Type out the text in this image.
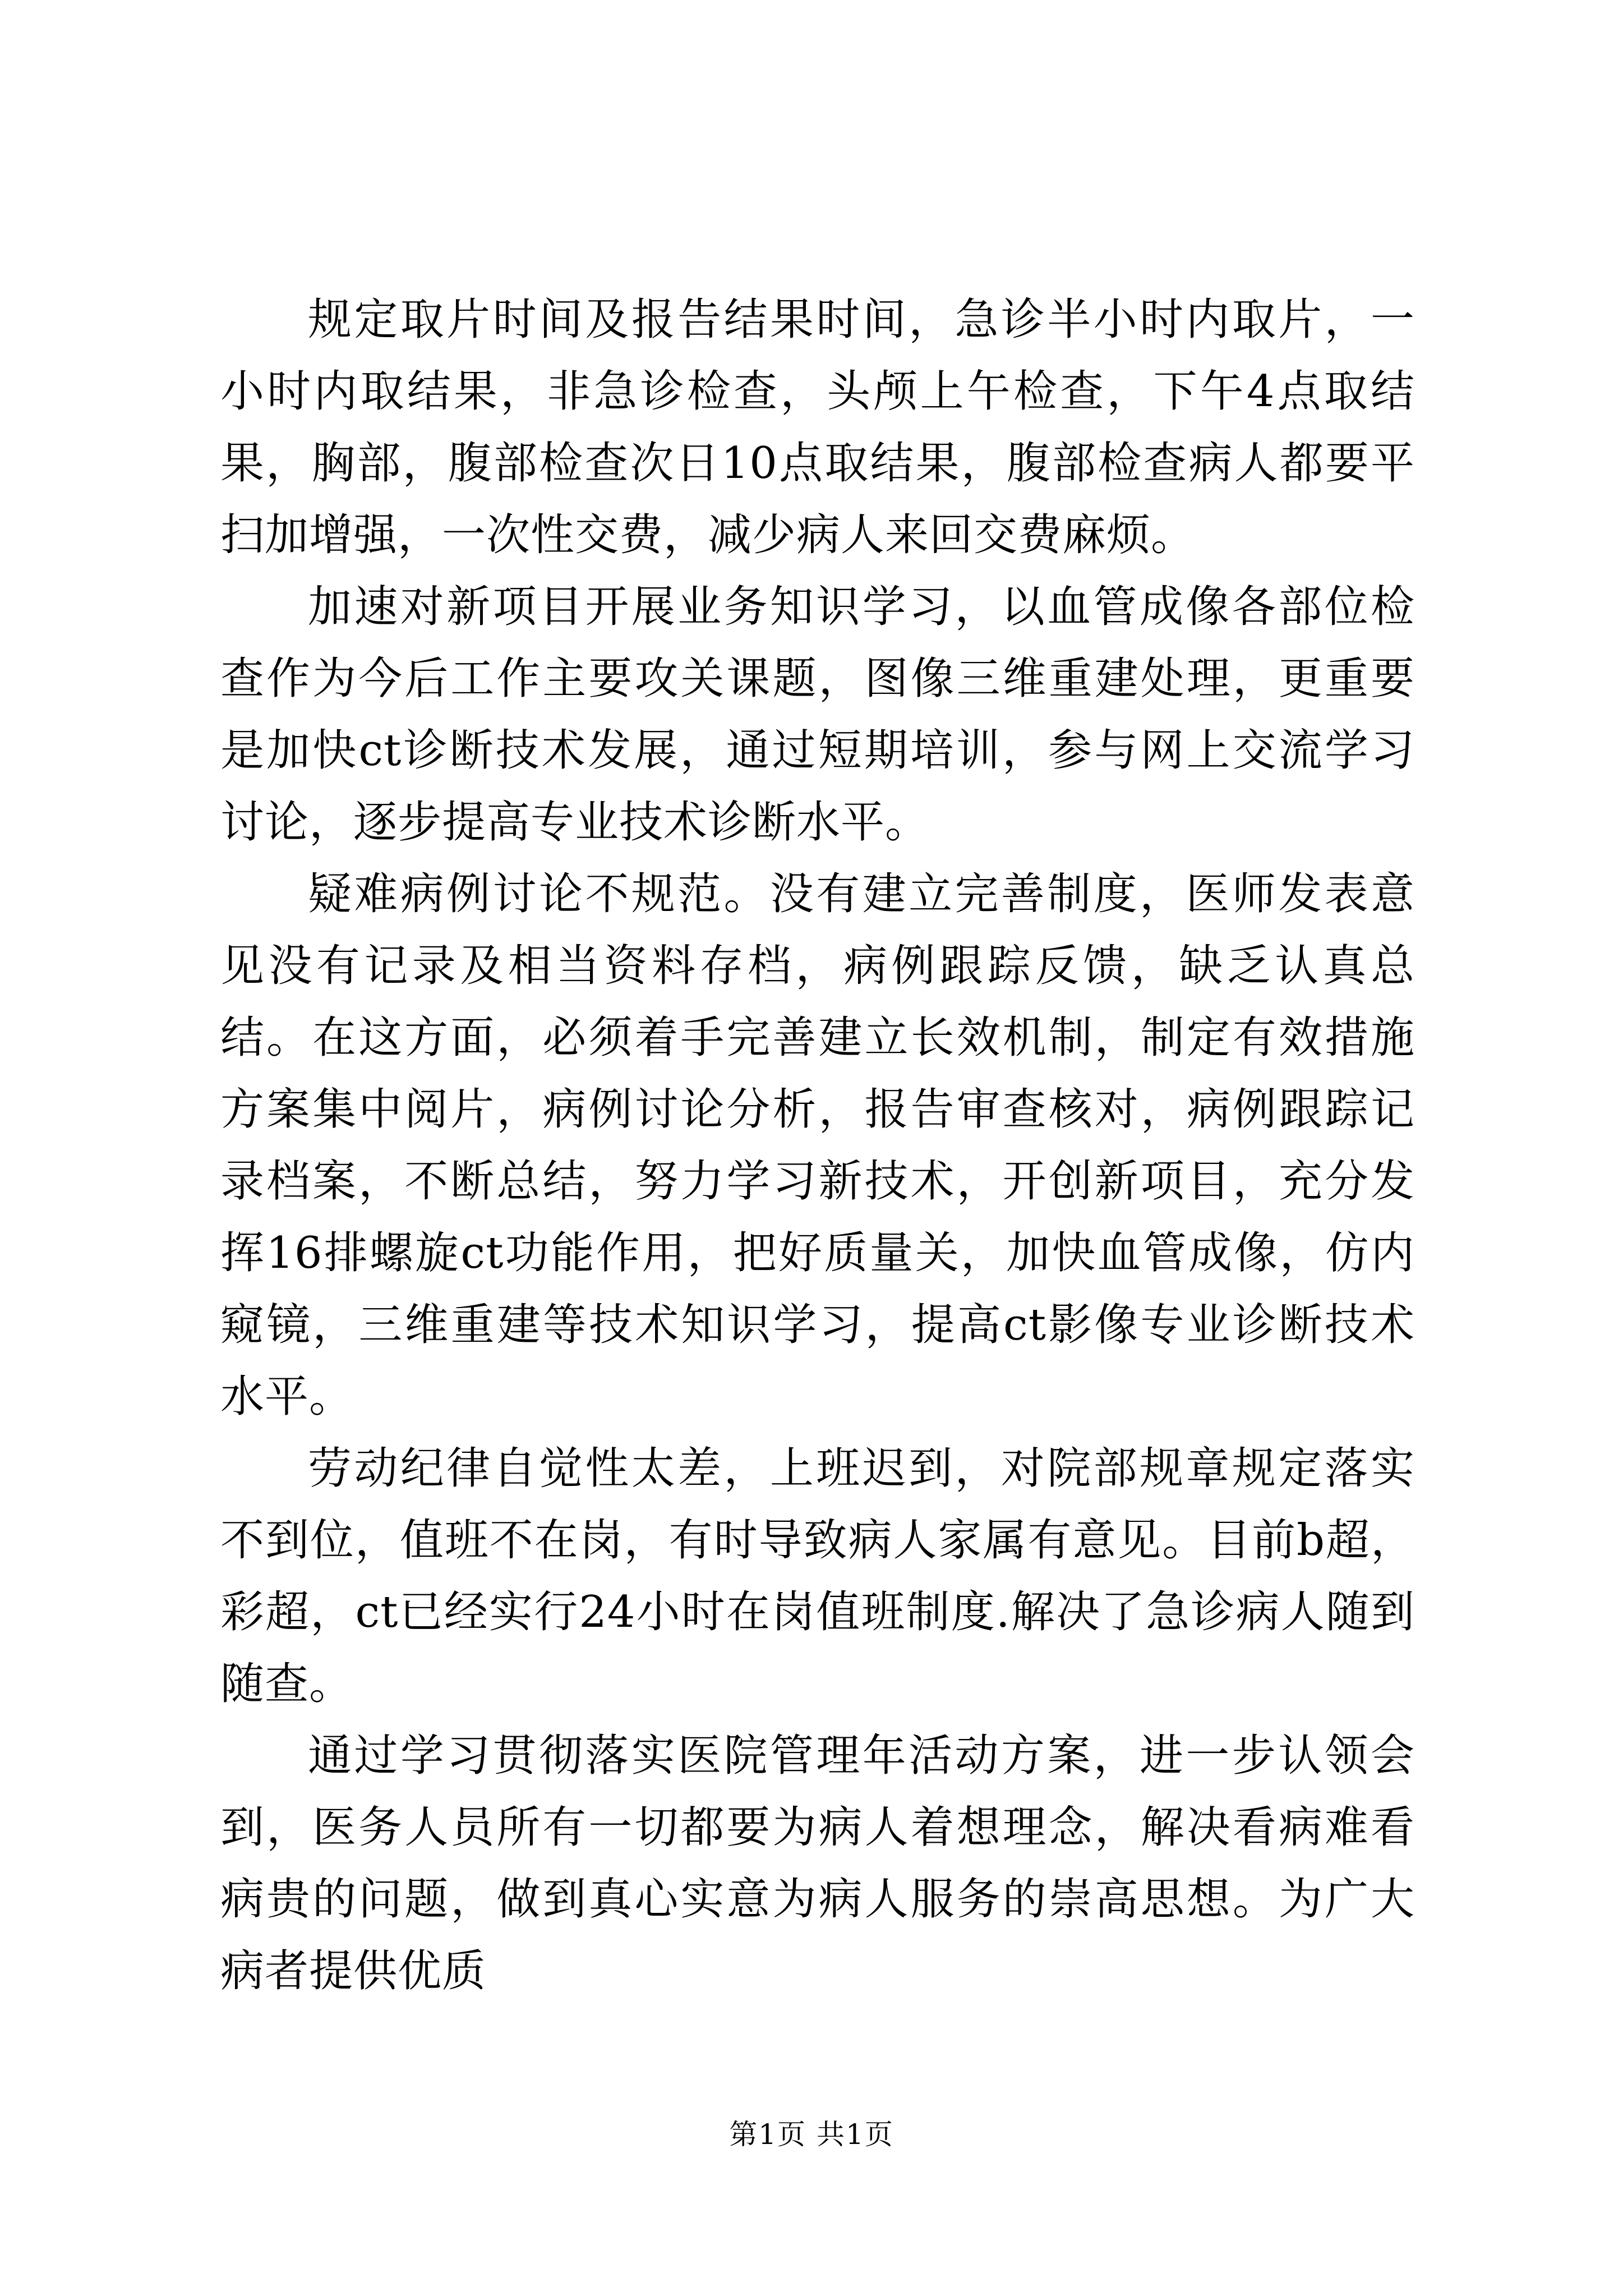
规定取片时间及报告结果时间，急诊半小时内取片，一小时内取结果，非急诊检查，头颅上午检查，下午4点取结果，胸部，腹部检查次日10点取结果，腹部检查病人都要平扫加增强，一次性交费，减少病人来回交费麻烦。

加速对新项目开展业务知识学习，以血管成像各部位检查作为今后工作主要攻关课题，图像三维重建处理，更重要是加快ct诊断技术发展，通过短期培训，参与网上交流学习讨论，逐步提高专业技术诊断水平。

疑难病例讨论不规范。没有建立完善制度，医师发表意见没有记录及相当资料存档，病例跟踪反馈，缺乏认真总结。在这方面，必须着手完善建立长效机制，制定有效措施方案集中阅片，病例讨论分析，报告审查核对，病例跟踪记录档案，不断总结，努力学习新技术，开创新项目，充分发挥16排螺旋ct功能作用，把好质量关，加快血管成像，仿内窥镜，三维重建等技术知识学习，提高ct影像专业诊断技术水平。

劳动纪律自觉性太差，上班迟到，对院部规章规定落实不到位，值班不在岗，有时导致病人家属有意见。目前b超，彩超，ct已经实行24小时在岗值班制度.解决了急诊病人随到随查。

通过学习贯彻落实医院管理年活动方案，进一步认领会到，医务人员所有一切都要为病人着想理念，解决看病难看病贵的问题，做到真心实意为病人服务的崇高思想。为广大病者提供优质

第1页 共1页
